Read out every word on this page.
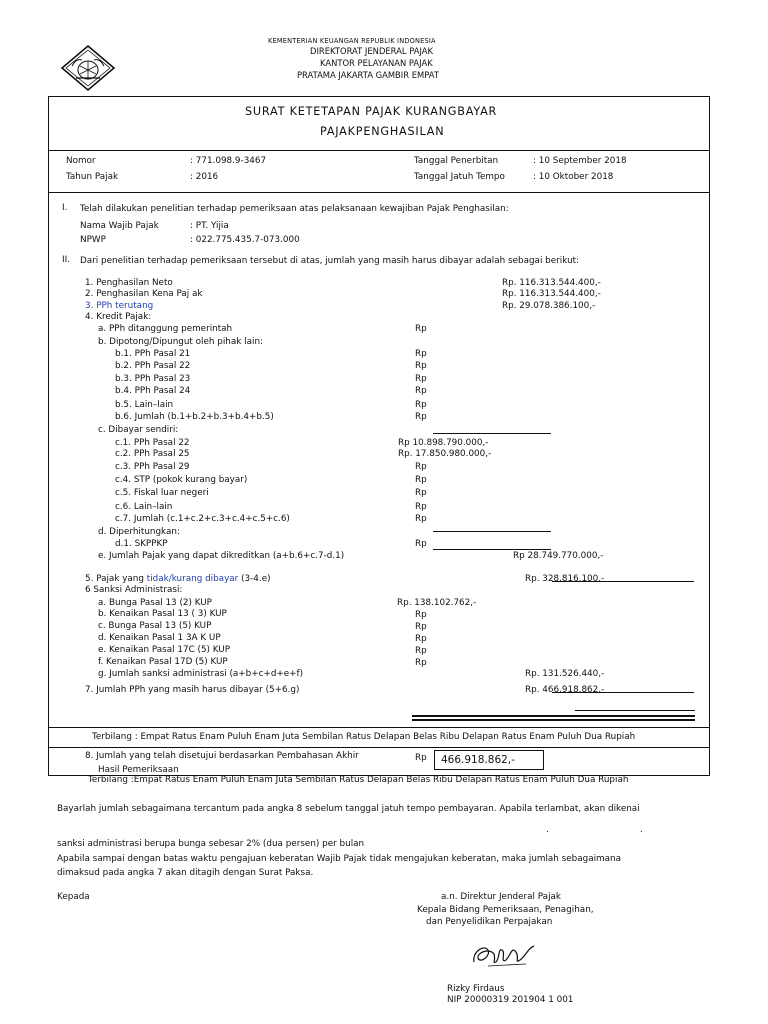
KEMENTERIAN KEUANGAN REPUBLIK INDONESIA
DIREKTORAT JENDERAL PAJAK
KANTOR PELAYANAN PAJAK
PRATAMA JAKARTA GAMBIR EMPAT
SURAT KETETAPAN PAJAK KURANGBAYAR
PAJAKPENGHASILAN
Nomor	: 771.098.9-3467
Tahun Pajak	: 2016
Tanggal Penerbitan	: 10 September 2018
Tanggal Jatuh Tempo	: 10 Oktober 2018
I. Telah dilakukan penelitian terhadap pemeriksaan atas pelaksanaan kewajiban Pajak Penghasilan:
Nama Wajib Pajak	: PT. Yijia
NPWP	: 022.775.435.7-073.000
II. Dari penelitian terhadap pemeriksaan tersebut di atas, jumlah yang masih harus dibayar adalah sebagai berikut:
1. Penghasilan Neto	Rp. 116.313.544.400,-
2. Penghasilan Kena Paj ak	Rp. 116.313.544.400,-
3. PPh terutang	Rp. 29.078.386.100,-
4. Kredit Pajak:
a. PPh ditanggung pemerintah	Rp
b. Dipotong/Dipungut oleh pihak lain:
b.1. PPh Pasal 21	Rp
b.2. PPh Pasal 22	Rp
b.3. PPh Pasal 23	Rp
b.4. PPh Pasal 24	Rp
b.5. Lain–lain	Rp
b.6. Jumlah (b.1+b.2+b.3+b.4+b.5)	Rp
c. Dibayar sendiri:
c.1. PPh Pasal 22	Rp 10.898.790.000,-
c.2. PPh Pasal 25	Rp. 17.850.980.000,-
c.3. PPh Pasal 29	Rp
c.4. STP (pokok kurang bayar)	Rp
c.5. Fiskal luar negeri	Rp
c.6. Lain–lain	Rp
c.7. Jumlah (c.1+c.2+c.3+c.4+c.5+c.6)	Rp
d. Diperhitungkan:
d.1. SKPPKP	Rp
e. Jumlah Pajak yang dapat dikreditkan (a+b.6+c.7-d.1)	Rp 28.749.770.000,-
5. Pajak yang tidak/kurang dibayar (3-4.e)	Rp. 328.816.100,-
6 Sanksi Administrasi:
a. Bunga Pasal 13 (2) KUP	Rp. 138.102.762,-
b. Kenaikan Pasal 13 ( 3) KUP	Rp
c. Bunga Pasal 13 (5) KUP	Rp
d. Kenaikan Pasal 1 3A K UP	Rp
e. Kenaikan Pasal 17C (5) KUP	Rp
f. Kenaikan Pasal 17D (5) KUP	Rp
g. Jumlah sanksi administrasi (a+b+c+d+e+f)	Rp. 131.526.440,-
7. Jumlah PPh yang masih harus dibayar (5+6.g)	Rp. 466.918.862,-
Terbilang : Empat Ratus Enam Puluh Enam Juta Sembilan Ratus Delapan Belas Ribu Delapan Ratus Enam Puluh Dua Rupiah
8. Jumlah yang telah disetujui berdasarkan Pembahasan Akhir
Hasil Pemeriksaan
Rp 466.918.862,-
Terbilang :Empat Ratus Enam Puluh Enam Juta Sembilan Ratus Delapan Belas Ribu Delapan Ratus Enam Puluh Dua Rupiah
Bayarlah jumlah sebagaimana tercantum pada angka 8 sebelum tanggal jatuh tempo pembayaran. Apabila terlambat, akan dikenai
.	.
sanksi administrasi berupa bunga sebesar 2% (dua persen) per bulan
Apabila sampai dengan batas waktu pengajuan keberatan Wajib Pajak tidak mengajukan keberatan, maka jumlah sebagaimana
dimaksud pada angka 7 akan ditagih dengan Surat Paksa.
Kepada	a.n. Direktur Jenderal Pajak
Kepala Bidang Pemeriksaan, Penagihan,
dan Penyelidikan Perpajakan
Rizky Firdaus
NIP 20000319 201904 1 001
